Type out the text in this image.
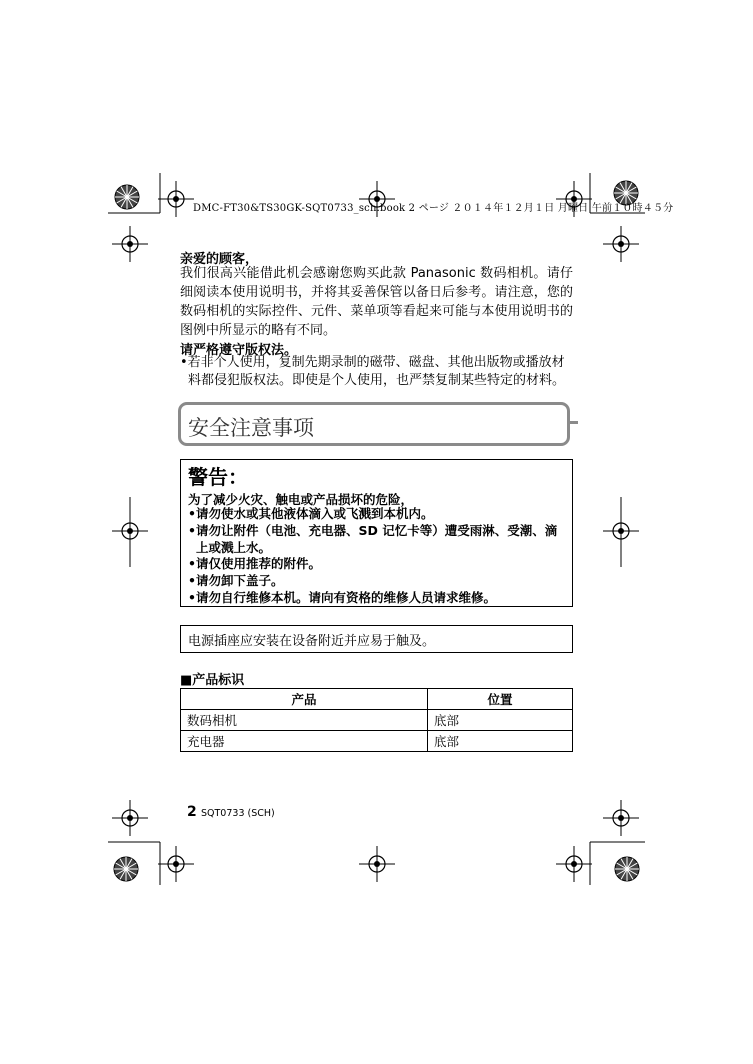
DMC-FT30&TS30GK-SQT0733_sch.book 2 ページ ２０１４年１２月１日 月曜日 午前１０時４５分
亲爱的顾客，
我们很高兴能借此机会感谢您购买此款 Panasonic 数码相机。请仔细阅读本使用说明书，并将其妥善保管以备日后参考。请注意，您的数码相机的实际控件、元件、菜单项等看起来可能与本使用说明书的图例中所显示的略有不同。
请严格遵守版权法。
•若非个人使用，复制先期录制的磁带、磁盘、其他出版物或播放材料都侵犯版权法。即使是个人使用，也严禁复制某些特定的材料。
安全注意事项
警告：
为了减少火灾、触电或产品损坏的危险，
•请勿使水或其他液体滴入或飞溅到本机内。
•请勿让附件（电池、充电器、SD 记忆卡等）遭受雨淋、受潮、滴上或溅上水。
•请仅使用推荐的附件。
•请勿卸下盖子。
•请勿自行维修本机。请向有资格的维修人员请求维修。
电源插座应安装在设备附近并应易于触及。
■产品标识
产品	位置
数码相机	底部
充电器	底部
2 SQT0733 (SCH)
